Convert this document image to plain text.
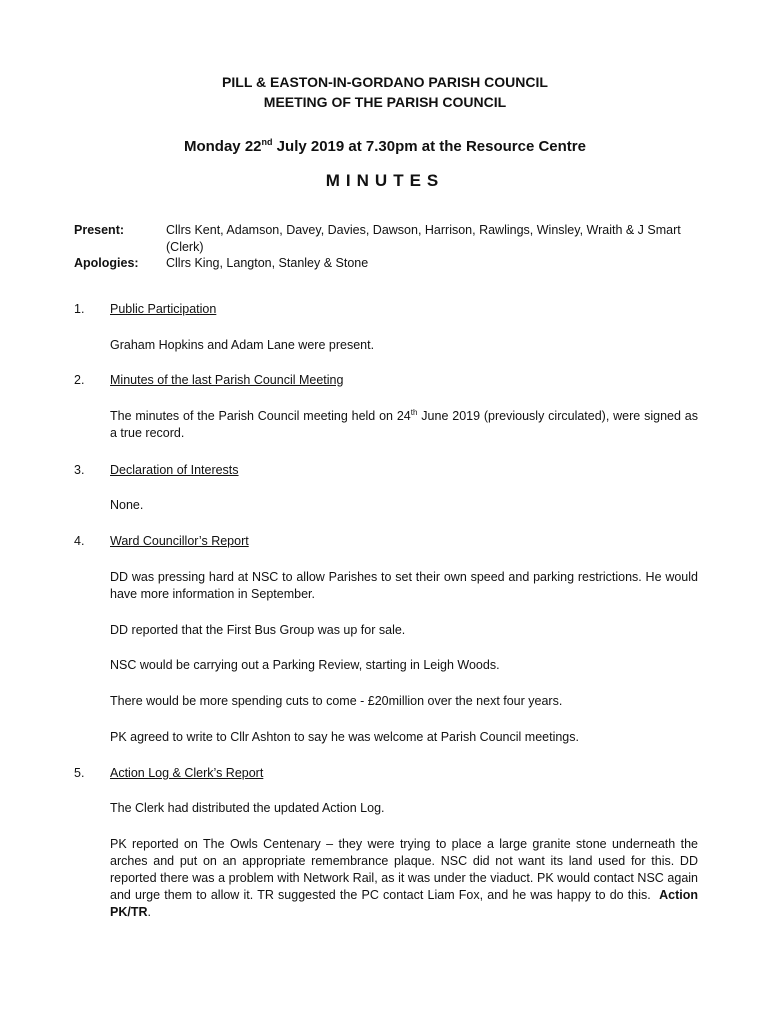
PILL & EASTON-IN-GORDANO PARISH COUNCIL
MEETING OF THE PARISH COUNCIL
Monday 22nd July 2019 at 7.30pm at the Resource Centre
MINUTES
Present:	Cllrs Kent, Adamson, Davey, Davies, Dawson, Harrison, Rawlings, Winsley, Wraith & J Smart (Clerk)
Apologies: Cllrs King, Langton, Stanley & Stone
1. Public Participation
Graham Hopkins and Adam Lane were present.
2. Minutes of the last Parish Council Meeting
The minutes of the Parish Council meeting held on 24th June 2019 (previously circulated), were signed as a true record.
3. Declaration of Interests
None.
4. Ward Councillor’s Report
DD was pressing hard at NSC to allow Parishes to set their own speed and parking restrictions. He would have more information in September.
DD reported that the First Bus Group was up for sale.
NSC would be carrying out a Parking Review, starting in Leigh Woods.
There would be more spending cuts to come - £20million over the next four years.
PK agreed to write to Cllr Ashton to say he was welcome at Parish Council meetings.
5. Action Log & Clerk’s Report
The Clerk had distributed the updated Action Log.
PK reported on The Owls Centenary – they were trying to place a large granite stone underneath the arches and put on an appropriate remembrance plaque. NSC did not want its land used for this. DD reported there was a problem with Network Rail, as it was under the viaduct. PK would contact NSC again and urge them to allow it. TR suggested the PC contact Liam Fox, and he was happy to do this. Action PK/TR.
